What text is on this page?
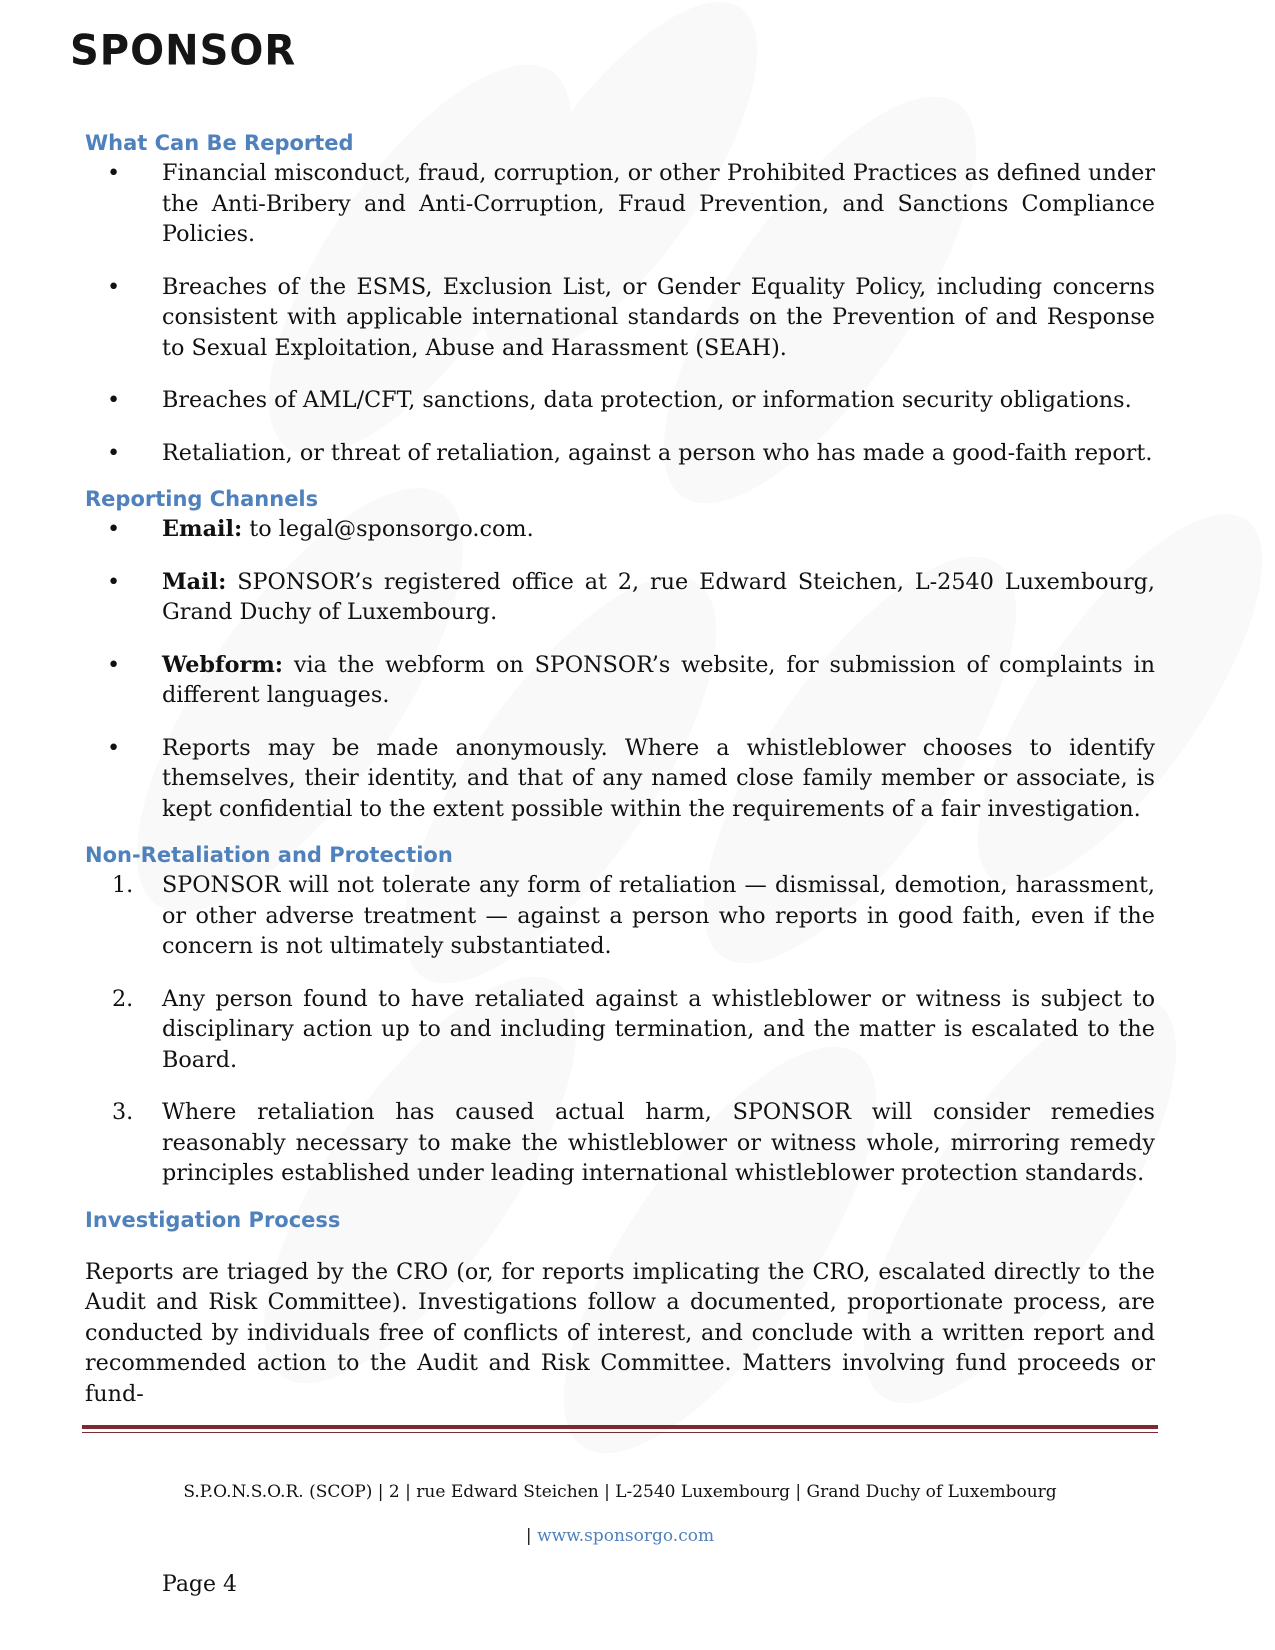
SPONSOR
What Can Be Reported
• Financial misconduct, fraud, corruption, or other Prohibited Practices as defined under the Anti-Bribery and Anti-Corruption, Fraud Prevention, and Sanctions Compliance Policies.
• Breaches of the ESMS, Exclusion List, or Gender Equality Policy, including concerns consistent with applicable international standards on the Prevention of and Response to Sexual Exploitation, Abuse and Harassment (SEAH).
• Breaches of AML/CFT, sanctions, data protection, or information security obligations.
• Retaliation, or threat of retaliation, against a person who has made a good-faith report.
Reporting Channels
• Email: to legal@sponsorgo.com.
• Mail: SPONSOR’s registered office at 2, rue Edward Steichen, L-2540 Luxembourg, Grand Duchy of Luxembourg.
• Webform: via the webform on SPONSOR’s website, for submission of complaints in different languages.
• Reports may be made anonymously. Where a whistleblower chooses to identify themselves, their identity, and that of any named close family member or associate, is kept confidential to the extent possible within the requirements of a fair investigation.
Non-Retaliation and Protection
1. SPONSOR will not tolerate any form of retaliation — dismissal, demotion, harassment, or other adverse treatment — against a person who reports in good faith, even if the concern is not ultimately substantiated.
2. Any person found to have retaliated against a whistleblower or witness is subject to disciplinary action up to and including termination, and the matter is escalated to the Board.
3. Where retaliation has caused actual harm, SPONSOR will consider remedies reasonably necessary to make the whistleblower or witness whole, mirroring remedy principles established under leading international whistleblower protection standards.
Investigation Process

Reports are triaged by the CRO (or, for reports implicating the CRO, escalated directly to the Audit and Risk Committee). Investigations follow a documented, proportionate process, are conducted by individuals free of conflicts of interest, and conclude with a written report and recommended action to the Audit and Risk Committee. Matters involving fund proceeds or fund-

S.P.O.N.S.O.R. (SCOP) | 2 | rue Edward Steichen | L-2540 Luxembourg | Grand Duchy of Luxembourg
| www.sponsorgo.com
Page 4
